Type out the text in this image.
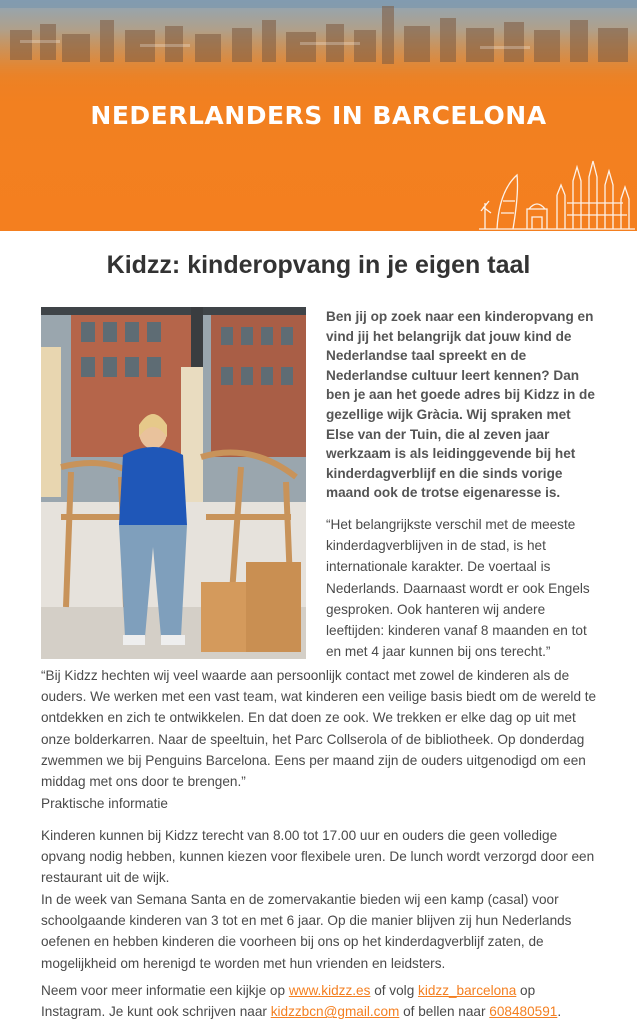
NEDERLANDERS IN BARCELONA
Kidzz: kinderopvang in je eigen taal

Ben jij op zoek naar een kinderopvang en vind jij het belangrijk dat jouw kind de Nederlandse taal spreekt en de Nederlandse cultuur leert kennen? Dan ben je aan het goede adres bij Kidzz in de gezellige wijk Gràcia. Wij spraken met Else van der Tuin, die al zeven jaar werkzaam is als leidinggevende bij het kinderdagverblijf en die sinds vorige maand ook de trotse eigenaresse is.

“Het belangrijkste verschil met de meeste kinderdagverblijven in de stad, is het internationale karakter. De voertaal is Nederlands. Daarnaast wordt er ook Engels gesproken. Ook hanteren wij andere leeftijden: kinderen vanaf 8 maanden en tot en met 4 jaar kunnen bij ons terecht.”

“Bij Kidzz hechten wij veel waarde aan persoonlijk contact met zowel de kinderen als de ouders. We werken met een vast team, wat kinderen een veilige basis biedt om de wereld te ontdekken en zich te ontwikkelen. En dat doen ze ook. We trekken er elke dag op uit met onze bolderkarren. Naar de speeltuin, het Parc Collserola of de bibliotheek. Op donderdag zwemmen we bij Penguins Barcelona. Eens per maand zijn de ouders uitgenodigd om een middag met ons door te brengen.”

Praktische informatie

Kinderen kunnen bij Kidzz terecht van 8.00 tot 17.00 uur en ouders die geen volledige opvang nodig hebben, kunnen kiezen voor flexibele uren. De lunch wordt verzorgd door een restaurant uit de wijk.

In de week van Semana Santa en de zomervakantie bieden wij een kamp (casal) voor schoolgaande kinderen van 3 tot en met 6 jaar. Op die manier blijven zij hun Nederlands oefenen en hebben kinderen die voorheen bij ons op het kinderdagverblijf zaten, de mogelijkheid om herenigd te worden met hun vrienden en leidsters.

Neem voor meer informatie een kijkje op www.kidzz.es of volg kidzz_barcelona op Instagram. Je kunt ook schrijven naar kidzzbcn@gmail.com of bellen naar 608480591.
